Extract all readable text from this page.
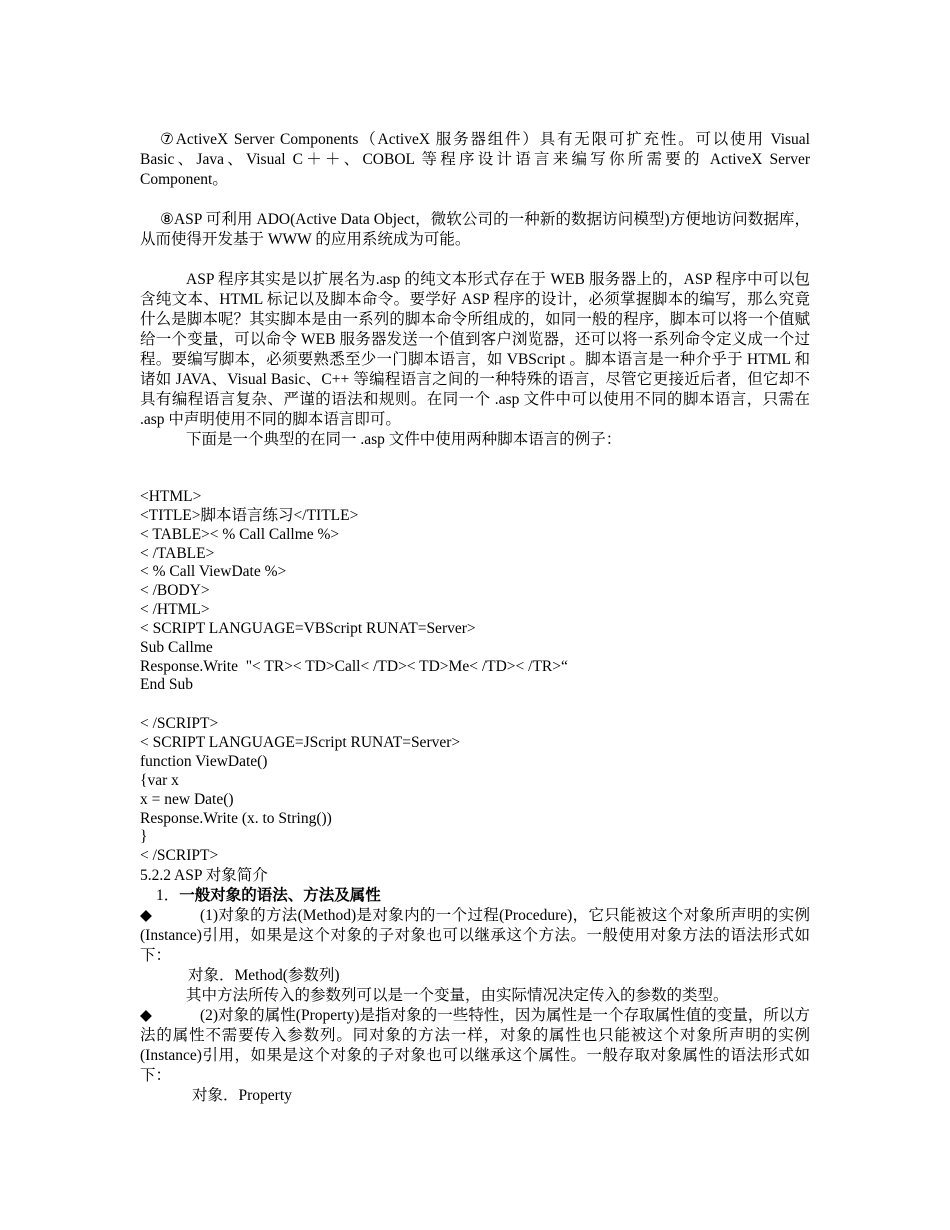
⑦ActiveX Server Components（ActiveX 服务器组件）具有无限可扩充性。可以使用 Visual Basic、Java、Visual C＋＋、COBOL 等程序设计语言来编写你所需要的 ActiveX Server Component。

⑧ASP 可利用 ADO(Active Data Object，微软公司的一种新的数据访问模型)方便地访问数据库，从而使得开发基于 WWW 的应用系统成为可能。

ASP 程序其实是以扩展名为.asp 的纯文本形式存在于 WEB 服务器上的，ASP 程序中可以包含纯文本、HTML 标记以及脚本命令。要学好 ASP 程序的设计，必须掌握脚本的编写，那么究竟什么是脚本呢？其实脚本是由一系列的脚本命令所组成的，如同一般的程序，脚本可以将一个值赋给一个变量，可以命令 WEB 服务器发送一个值到客户浏览器，还可以将一系列命令定义成一个过程。要编写脚本，必须要熟悉至少一门脚本语言，如 VBScript 。脚本语言是一种介乎于 HTML 和诸如 JAVA、Visual Basic、C++ 等编程语言之间的一种特殊的语言，尽管它更接近后者，但它却不具有编程语言复杂、严谨的语法和规则。在同一个 .asp 文件中可以使用不同的脚本语言，只需在 .asp 中声明使用不同的脚本语言即可。

下面是一个典型的在同一 .asp 文件中使用两种脚本语言的例子：

<HTML>

<TITLE>脚本语言练习</TITLE>

< TABLE>< % Call Callme %>

< /TABLE>

< % Call ViewDate %>

< /BODY>

< /HTML>

< SCRIPT LANGUAGE=VBScript RUNAT=Server>

Sub Callme

Response.Write  "< TR>< TD>Call< /TD>< TD>Me< /TD>< /TR>“

End Sub

< /SCRIPT>

< SCRIPT LANGUAGE=JScript RUNAT=Server>

function ViewDate()

{var x

x = new Date()

Response.Write (x. to String())

}

< /SCRIPT>

5.2.2 ASP 对象简介

1．一般对象的语法、方法及属性

◆	(1)对象的方法(Method)是对象内的一个过程(Procedure)，它只能被这个对象所声明的实例(Instance)引用，如果是这个对象的子对象也可以继承这个方法。一般使用对象方法的语法形式如下：

对象．Method(参数列)

其中方法所传入的参数列可以是一个变量，由实际情况决定传入的参数的类型。

◆	(2)对象的属性(Property)是指对象的一些特性，因为属性是一个存取属性值的变量，所以方法的属性不需要传入参数列。同对象的方法一样，对象的属性也只能被这个对象所声明的实例(Instance)引用，如果是这个对象的子对象也可以继承这个属性。一般存取对象属性的语法形式如下：

对象．Property
